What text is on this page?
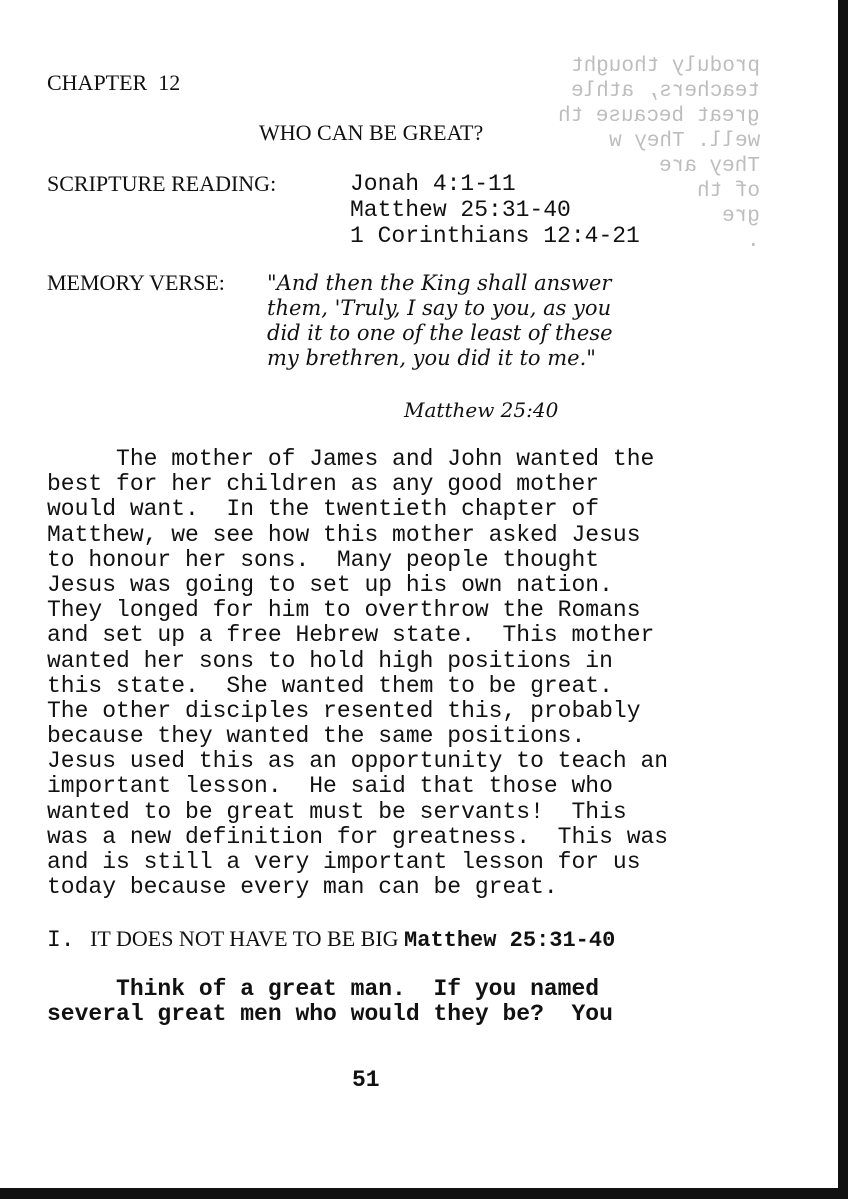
produly thought
teachers, athle
great because th
well. They w
They are
of th
gre
.
CHAPTER  12
WHO CAN BE GREAT?
SCRIPTURE READING:	Jonah 4:1-11
Matthew 25:31-40
1 Corinthians 12:4-21
MEMORY VERSE: "And then the King shall answer
them, 'Truly, I say to you, as you
did it to one of the least of these
my brethren, you did it to me."
Matthew 25:40
The mother of James and John wanted the
best for her children as any good mother
would want.  In the twentieth chapter of
Matthew, we see how this mother asked Jesus
to honour her sons.  Many people thought
Jesus was going to set up his own nation.
They longed for him to overthrow the Romans
and set up a free Hebrew state.  This mother
wanted her sons to hold high positions in
this state.  She wanted them to be great.
The other disciples resented this, probably
because they wanted the same positions.
Jesus used this as an opportunity to teach an
important lesson.  He said that those who
wanted to be great must be servants!  This
was a new definition for greatness.  This was
and is still a very important lesson for us
today because every man can be great.
I. IT DOES NOT HAVE TO BE BIG Matthew 25:31-40
Think of a great man.  If you named
several great men who would they be?  You
51
